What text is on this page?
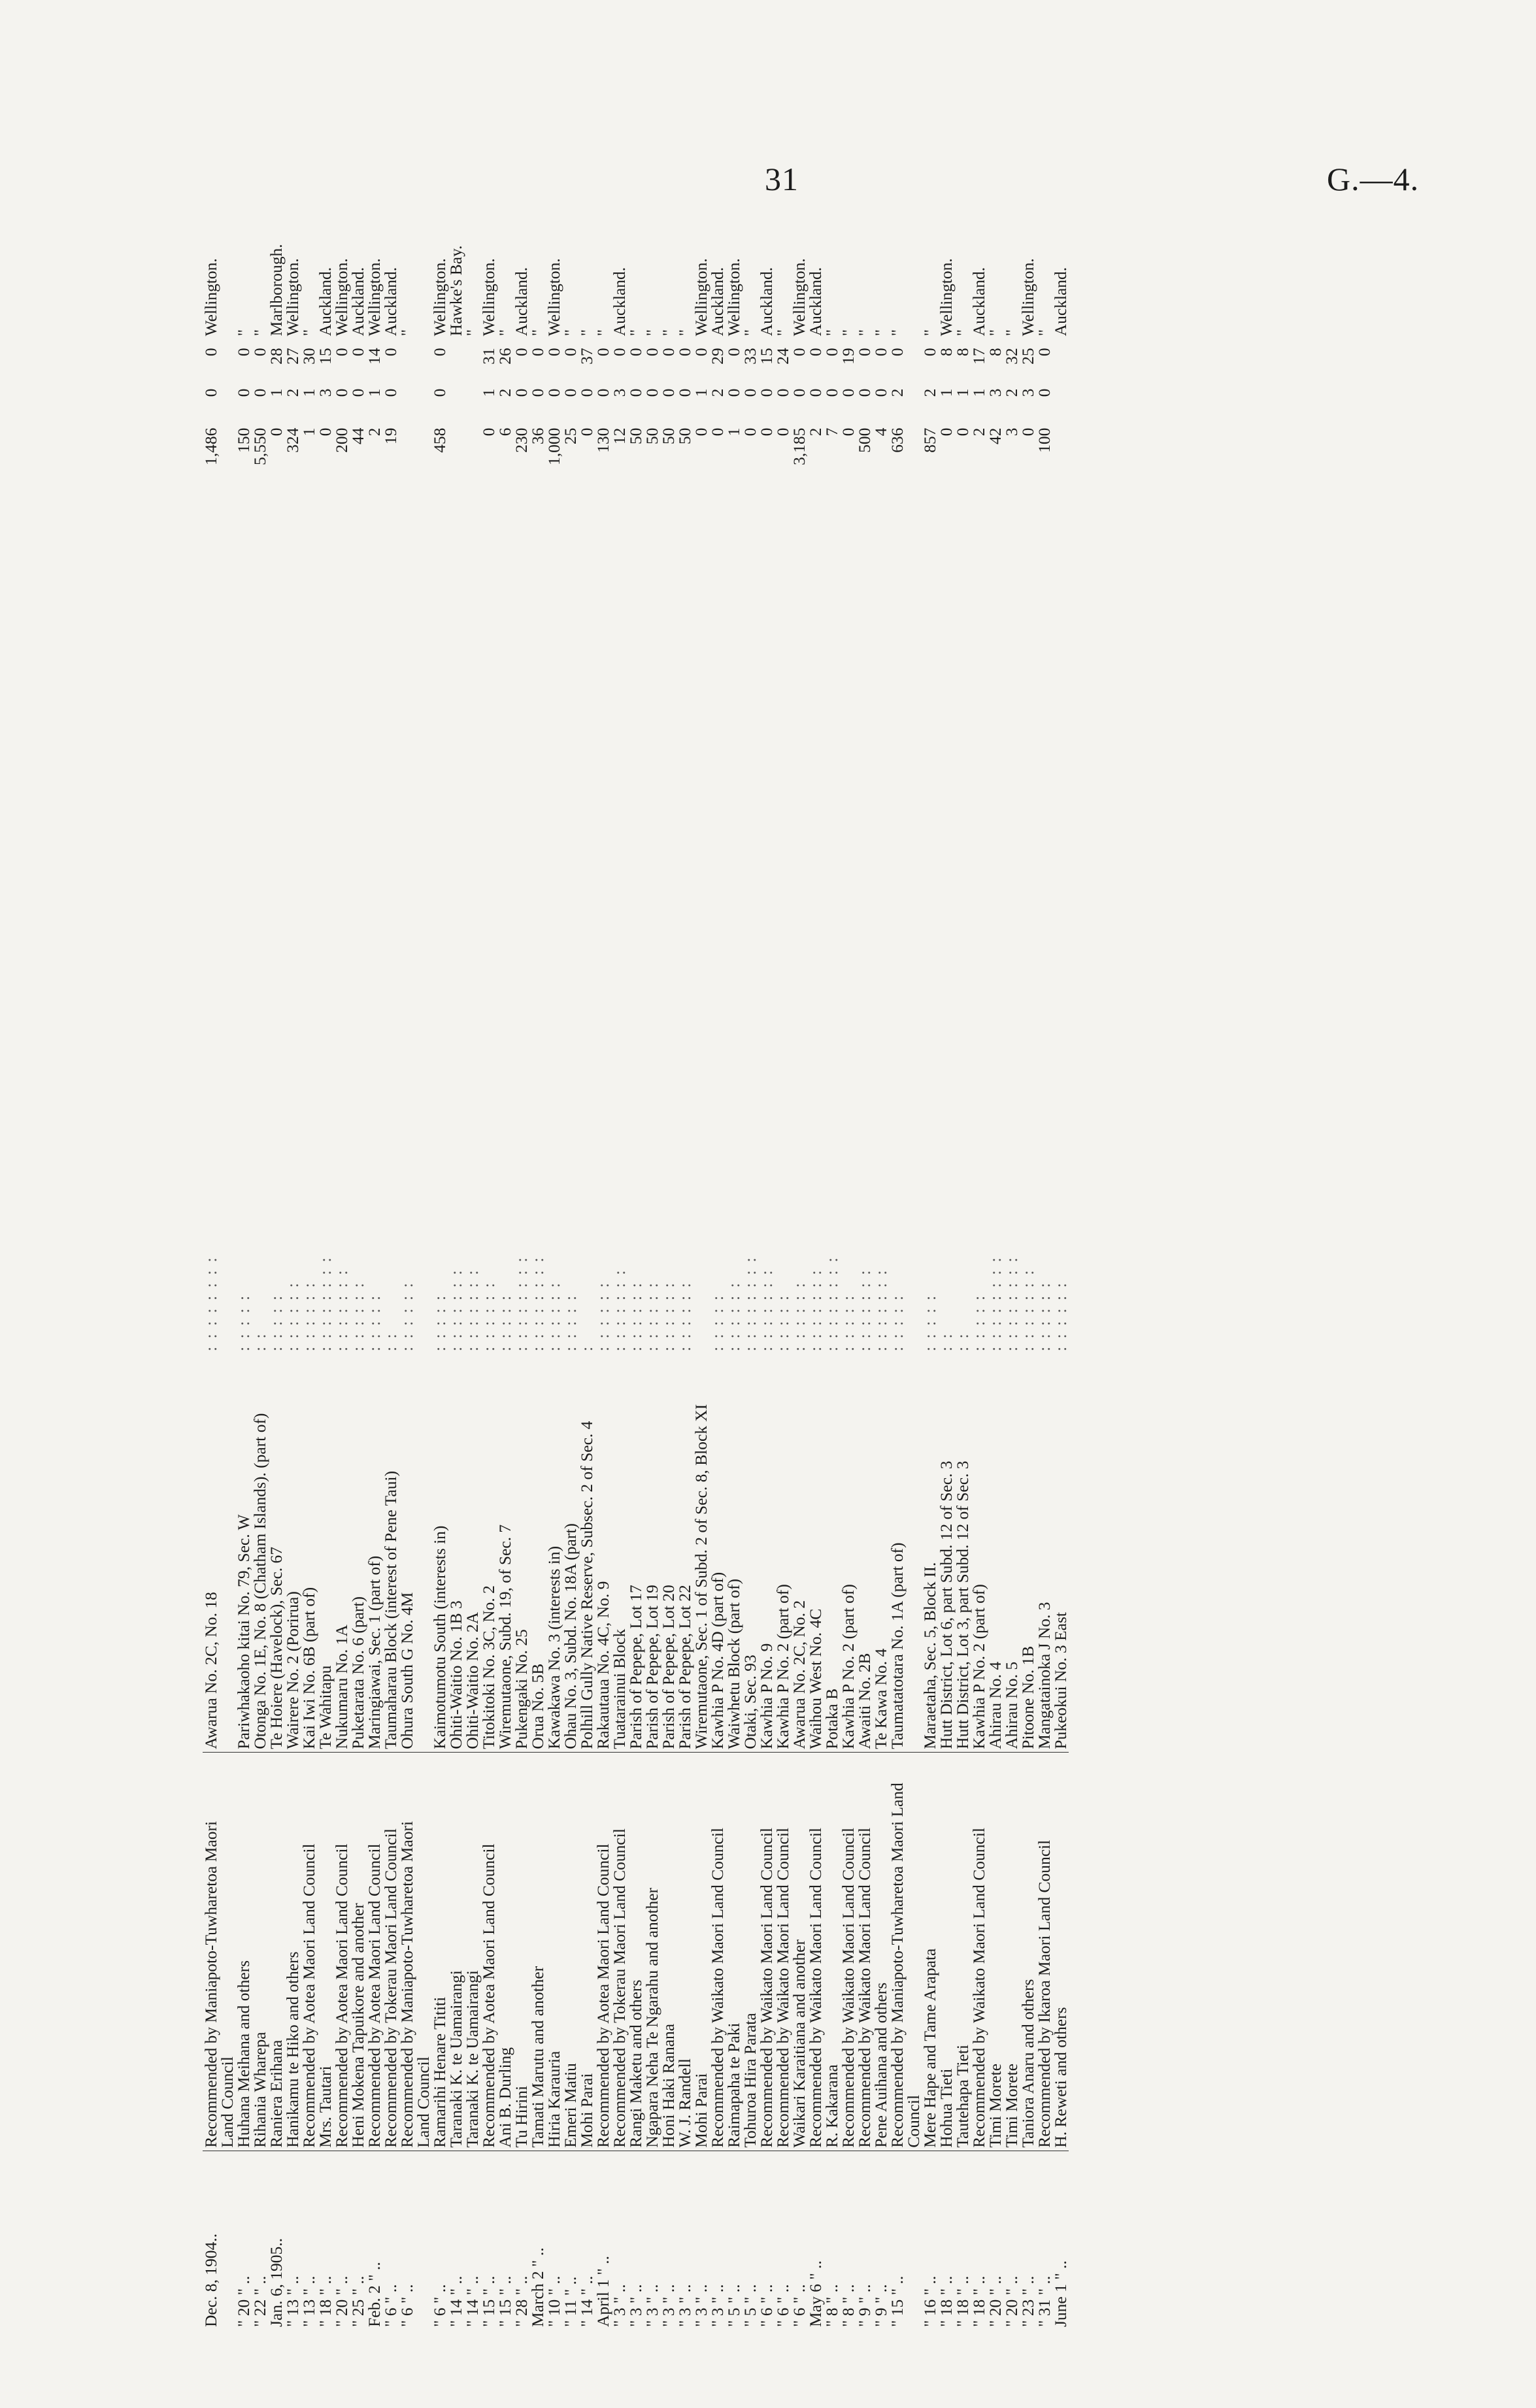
31	G.—4.
Dec. 8, 1904..	Recommended by Maniapoto-Tuwharetoa Maori	Awarua No. 2C, No. 18	: : : : : : : :	1,486	0	0	Wellington.
	Land Council						
" 20 " ..	Huhana Meihana and others	Pariwhakaoho kitai No. 79, Sec. W	: : : : :	150	0	0	"
" 22 " ..	Rihania Wharepa	Otonga No. 1E, No. 8 (Chatham Islands). (part of)	: :	5,550	0	0	"
Jan. 6, 1905..	Raniera Erihana	Te Hoiere (Havelock), Sec. 67	: : : : :	0	1	28	Marlborough.
" 13 " ..	Hanikamu te Hiko and others	Wairere No. 2 (Porirua)	: : : : : :	324	2	27	Wellington.
" 13 " ..	Recommended by Aotea Maori Land Council	Kai Iwi No. 6B (part of)	: : : : : :	1	1	30	"
" 18 " ..	Mrs. Tautari	Te Wahitapu	: : : : : : : :	0	3	15	Auckland.
" 20 " ..	Recommended by Aotea Maori Land Council	Nukumaru No. 1A	: : : : : : :	200	0	0	Wellington.
" 25 " ..	Heni Mokena Tapuikore and another	Puketarata No. 6 (part)	: : : : : :	44	0	0	Auckland.
Feb. 2 " ..	Recommended by Aotea Maori Land Council	Maringiawai, Sec. 1 (part of)	: : : : :	2	1	14	Wellington.
" 6 " ..	Recommended by Tokerau Maori Land Council	Taumaharau Block (interest of Pene Taui)	: :	19	0	0	Auckland.
" 6 " ..	Recommended by Maniapoto-Tuwharetoa Maori	Ohura South G No. 4M	: : : : : :				"
	Land Council						
" 6 " ..	Ramarihi Henare Tititi	Kaimotumotu South (interests in)	: : : : :	458	0	0	Wellington.
" 14 " ..	Taranaki K. te Uamairangi	Ohiti-Waitio No. 1B 3	: : : : : : :				Hawke's Bay.
" 14 " ..	Taranaki K. te Uamairangi	Ohiti-Waitio No. 2A	: : : : : : :				"
" 15 " ..	Recommended by Aotea Maori Land Council	Titokitoki No. 3C, No. 2	: : : : : :	0	1	31	Wellington.
" 15 " ..	Ani B. Durling	Wiremutaone, Subd. 19, of Sec. 7	: : : : :	6	2	26	"
" 28 " ..	Tu Hirini	Pukengaki No. 25	: : : : : : : :	230	0	0	Auckland.
March 2 " ..	Tamati Marutu and another	Orua No. 5B	: : : : : : : :	36	0	0	"
" 10 " ..	Hiria Karauria	Kawakawa No. 3 (interests in)	: : : : : :	1,000	0	0	Wellington.
" 11 " ..	Emeri Matiu	Ohau No. 3, Subd. No. 18A (part)	: : : : :	25	0	0	"
" 14 " ..	Mohi Parai	Polhill Gully Native Reserve, Subsec. 2 of Sec. 4	:	0	0	37	"
April 1 " ..	Recommended by Aotea Maori Land Council	Rakautaua No. 4C, No. 9	: : : : : :	130	0	0	"
" 3 " ..	Recommended by Tokerau Maori Land Council	Tuatarainui Block	: : : : : : :	12	3	0	Auckland.
" 3 " ..	Rangi Maketu and others	Parish of Pepepe, Lot 17	: : : : : :	50	0	0	"
" 3 " ..	Ngapara Neha Te Ngarahu and another	Parish of Pepepe, Lot 19	: : : : : :	50	0	0	"
" 3 " ..	Honi Haki Ranana	Parish of Pepepe, Lot 20	: : : : : :	50	0	0	"
" 3 " ..	W. J. Randell	Parish of Pepepe, Lot 22	: : : : : :	50	0	0	"
" 3 " ..	Mohi Parai	Wiremutaone, Sec. 1 of Subd. 2 of Sec. 8, Block XI		0	1	0	Wellington.
" 3 " ..	Recommended by Waikato Maori Land Council	Kawhia P No. 4D (part of)	: : : : :	0	2	29	Auckland.
" 5 " ..	Raimapaha te Paki	Waiwhetu Block (part of)	: : : : : :	1	0	0	Wellington.
" 5 " ..	Tohuroa Hira Parata	Otaki, Sec. 93	: : : : : : : :	0	0	33	"
" 6 " ..	Recommended by Waikato Maori Land Council	Kawhia P No. 9	: : : : : : :	0	0	15	Auckland.
" 6 " ..	Recommended by Waikato Maori Land Council	Kawhia P No. 2 (part of)	: : : : :	0	0	24	"
" 6 " ..	Waikari Karaitiana and another	Awarua No. 2C, No. 2	: : : : : :	3,185	0	0	Wellington.
May 6 " ..	Recommended by Waikato Maori Land Council	Waihou West No. 4C	: : : : : : :	2	0	0	Auckland.
" 8 " ..	R. Kakarana	Potaka B	: : : : : : : :	7	0	0	"
" 8 " ..	Recommended by Waikato Maori Land Council	Kawhia P No. 2 (part of)	: : : : :	0	0	19	"
" 9 " ..	Recommended by Waikato Maori Land Council	Awaiti No. 2B	: : : : : : :	500	0	0	"
" 9 " ..	Pene Auihana and others	Te Kawa No. 4	: : : : : : :	4	0	0	"
" 15 " ..	Recommended by Maniapoto-Tuwharetoa Maori Land	Taumatatotara No. 1A (part of)	: : : : :	636	2	0	"
	Council						
" 16 " ..	Mere Hape and Tame Arapata	Maraetaha, Sec. 5, Block II.	: : : : :	857	2	0	"
" 18 " ..	Hohua Tieti	Hutt District, Lot 6, part Subd. 12 of Sec. 3	: :	0	1	8	Wellington.
" 18 " ..	Tautehapa Tieti	Hutt District, Lot 3, part Subd. 12 of Sec. 3	: :	0	1	8	"
" 18 " ..	Recommended by Waikato Maori Land Council	Kawhia P No. 2 (part of)	: : : : :	2	1	17	Auckland.
" 20 " ..	Timi Morete	Ahirau No. 4	: : : : : : : :	42	3	8	"
" 20 " ..	Timi Morete	Ahirau No. 5	: : : : : : : :	3	2	32	"
" 23 " ..	Taniora Anaru and others	Pitoone No. 1B	: : : : : : :	0	3	25	Wellington.
" 31 " ..	Recommended by Ikaroa Maori Land Council	Mangatainoka J No. 3	: : : : : :	100	0	0	"
June 1 " ..	H. Reweti and others	Pukeokui No. 3 East	: : : : : :				Auckland.
